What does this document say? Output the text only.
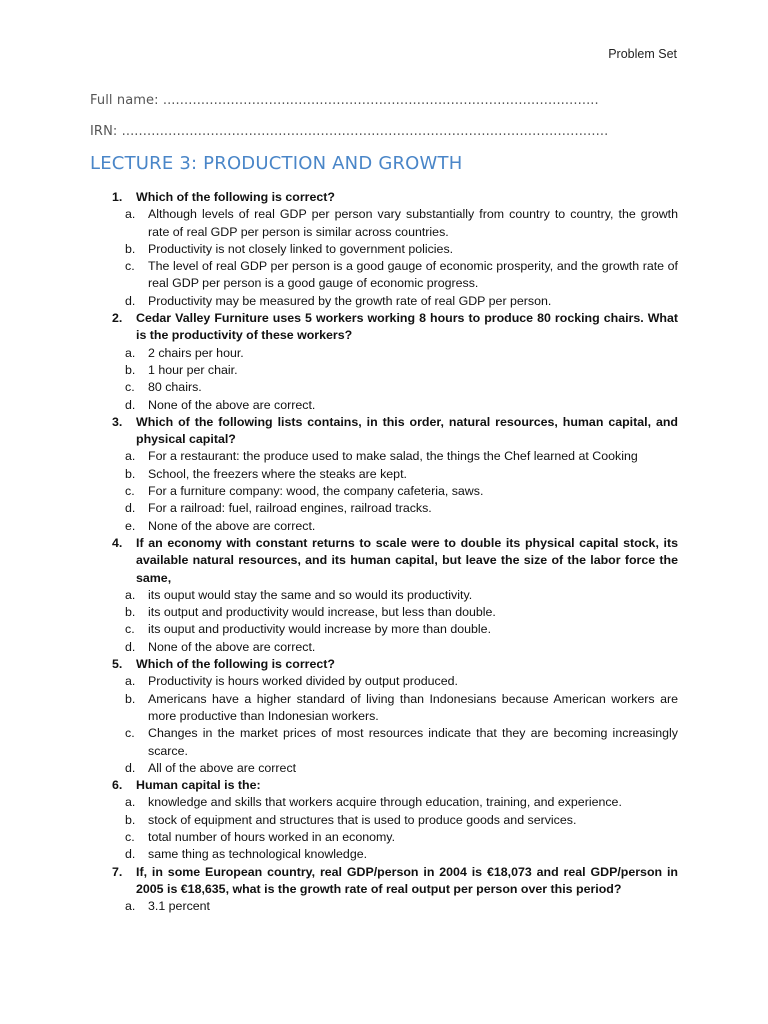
Problem Set
Full name: .......................................................................................................
IRN: ...................................................................................................................
LECTURE 3: PRODUCTION AND GROWTH
1.	Which of the following is correct?
a.	Although levels of real GDP per person vary substantially from country to country, the growth rate of real GDP per person is similar across countries.
b.	Productivity is not closely linked to government policies.
c.	The level of real GDP per person is a good gauge of economic prosperity, and the growth rate of real GDP per person is a good gauge of economic progress.
d.	Productivity may be measured by the growth rate of real GDP per person.
2.	Cedar Valley Furniture uses 5 workers working 8 hours to produce 80 rocking chairs. What is the productivity of these workers?
a.	2 chairs per hour.
b.	1 hour per chair.
c.	80 chairs.
d.	None of the above are correct.
3.	Which of the following lists contains, in this order, natural resources, human capital, and physical capital?
a.	For a restaurant: the produce used to make salad, the things the Chef learned at Cooking
b.	School, the freezers where the steaks are kept.
c.	For a furniture company: wood, the company cafeteria, saws.
d.	For a railroad: fuel, railroad engines, railroad tracks.
e.	None of the above are correct.
4.	If an economy with constant returns to scale were to double its physical capital stock, its available natural resources, and its human capital, but leave the size of the labor force the same,
a.	its ouput would stay the same and so would its productivity.
b.	its output and productivity would increase, but less than double.
c.	its ouput and productivity would increase by more than double.
d.	None of the above are correct.
5.	Which of the following is correct?
a.	Productivity is hours worked divided by output produced.
b.	Americans have a higher standard of living than Indonesians because American workers are more productive than Indonesian workers.
c.	Changes in the market prices of most resources indicate that they are becoming increasingly scarce.
d.	All of the above are correct
6.	Human capital is the:
a.	knowledge and skills that workers acquire through education, training, and experience.
b.	stock of equipment and structures that is used to produce goods and services.
c.	total number of hours worked in an economy.
d.	same thing as technological knowledge.
7.	If, in some European country, real GDP/person in 2004 is €18,073 and real GDP/person in 2005 is €18,635, what is the growth rate of real output per person over this period?
a.	3.1 percent
